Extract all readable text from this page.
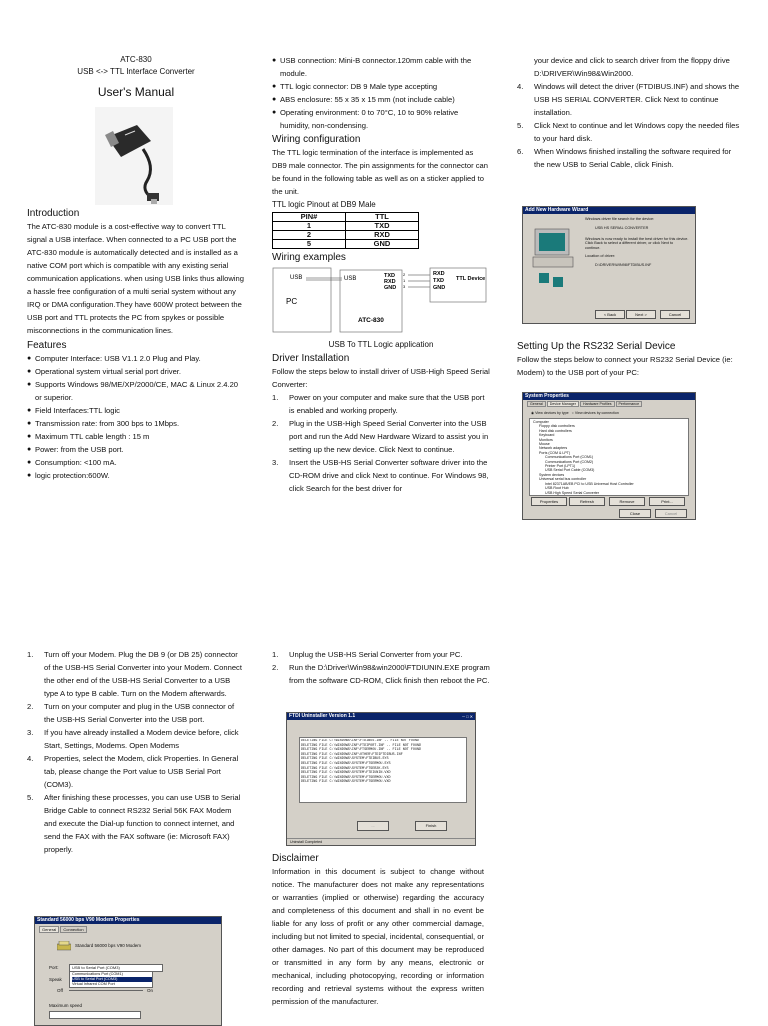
ATC-830
USB <-> TTL Interface Converter
User's Manual
Introduction

The ATC-830 module is a cost-effective way to convert TTL signal a USB interface. When connected to a PC USB port the ATC-830 module is automatically detected and is installed as a native COM port which is compatible with any existing serial communication applications. when using USB links thus allowing a hassle free configuration of a multi serial system without any IRQ or DMA configuration.They have 600W protect between the USB port and TTL protects the PC from spykes or possible misconnections in the communication lines.

Features
● Computer Interface: USB V1.1 2.0 Plug and Play.
● Operational system virtual serial port driver.
● Supports Windows 98/ME/XP/2000/CE, MAC & Linux 2.4.20 or superior.
● Field Interfaces:TTL logic
● Transmission rate: from 300 bps to 1Mbps.
● Maximum TTL cable length : 15 m
● Power: from the USB port.
● Consumption: <100 mA.
● logic protection:600W.
● USB connection: Mini-B connector.120mm cable with the module.
● TTL logic connector: DB 9 Male type accepting
● ABS enclosure: 55 x 35 x 15 mm (not include cable)
● Operating environment: 0 to 70°C, 10 to 90% relative humidity, non-condensing.
Wiring configuration

The TTL logic termination of the interface is implemented as DB9 male connector. The pin assignments for the connector can be found in the following table as well as on a sticker applied to the unit.

TTL logic Pinout at DB9 Male
PIN#	TTL
1	TXD
2	RXD
5	GND
Wiring examples
USB
PC
USB	TXD
RXD
GND
2
1
3
ATC-830
RXD
TXD
GND
TTL Device
USB To TTL Logic application
Driver Installation

Follow the steps below to install driver of USB-High Speed Serial Converter:

1. Power on your computer and make sure that the USB port is enabled and working properly.
2. Plug in the USB-High Speed Serial Converter into the USB port and run the Add New Hardware Wizard to assist you in setting up the new device. Click Next to continue.
3. Insert the USB-HS Serial Converter software driver into the CD-ROM drive and click Next to continue. For Windows 98, click Search for the best driver for

your device and click to search driver from the floppy drive D:\DRIVER\Win98&Win2000.

4. Windows will detect the driver (FTDIBUS.INF) and shows the USB HS SERIAL CONVERTER. Click Next to continue installation.
5. Click Next to continue and let Windows copy the needed files to your hard disk.
6. When Windows finished installing the software required for the new USB to Serial Cable, click Finish.
Add New Hardware Wizard
Windows driver file search for the device:
USB HS SERIAL CONVERTER
Windows is now ready to install the best driver for this device. Click Back to select a different driver, or click Next to continue.
Location of driver:
D:\DRIVER\WIN98\FTDIBUS.INF
< Back	Next >	Cancel
Setting Up the RS232 Serial Device

Follow the steps below to connect your RS232 Serial Device (ie: Modem) to the USB port of your PC:

System Properties
General Device Manager Hardware Profiles Performance
◉ View devices by type ○ View devices by connection
Computer
Floppy disk controllers
Hard disk controllers
Keyboard
Monitors
Mouse
Network adapters
Ports (COM & LPT)
Communications Port (COM1)
Communications Port (COM2)
Printer Port (LPT1)
USB Serial Port Cable (COM3)
System devices
Universal serial bus controller
Intel 82371AB/EB PCI to USB Universal Host Controller
USB Root Hub
USB High Speed Serial Converter
Properties	Refresh	Remove	Print...
Close	Cancel
1. Turn off your Modem. Plug the DB 9 (or DB 25) connector of the USB-HS Serial Converter into your Modem. Connect the other end of the USB-HS Serial Converter to a USB type A to type B cable. Turn on the Modem afterwards.
2. Turn on your computer and plug in the USB connector of the USB-HS Serial Converter into the USB port.
3. If you have already installed a Modem device before, click Start, Settings, Modems. Open Modems
4. Properties, select the Modem, click Properties. In General tab, please change the Port value to USB Serial Port (COM3).
5. After finishing these processes, you can use USB to Serial Bridge Cable to connect RS232 Serial 56K FAX Modem and execute the Dial-up function to connect internet, and send the FAX with the FAX software (ie: Microsoft FAX) properly.
Standard 56000 bps V90 Modem Properties
General Connection
Standard 56000 bps V90 Modem
Port:	USB to Serial Port (COM3)
Communications Port (COM1)
USB to Serial Port (COM3)
Virtual Infrared COM Port
Speak
Off	On
Maximum speed
1. Unplug the USB-HS Serial Converter from your PC.
2. Run the D:\Driver\Win98&win2000\FTDIUNIN.EXE program from the software CD-ROM, Click finish then reboot the PC.
FTDI Uninstaller Version 1.1	─ □ ✕
DELETING FILE C:\WINDOWS\INF\FTDIBUS.INF -- FILE NOT FOUND
DELETING FILE C:\WINDOWS\INF\FTDIPORT.INF -- FILE NOT FOUND
DELETING FILE C:\WINDOWS\INF\FTSERMOU.INF -- FILE NOT FOUND
DELETING FILE C:\WINDOWS\INF\OTHER\FTDIFTDIBUS.INF
DELETING FILE C:\WINDOWS\SYSTEM\FTDIBUS.SYS
DELETING FILE C:\WINDOWS\SYSTEM\FTSERMOU.SYS
DELETING FILE C:\WINDOWS\SYSTEM\FTSER2K.SYS
DELETING FILE C:\WINDOWS\SYSTEM\FTDIUNIN.VXD
DELETING FILE C:\WINDOWS\SYSTEM\FTSERMOU.VXD
DELETING FILE C:\WINDOWS\SYSTEM\FTSERMOU.VXD
...	Finish
Uninstall Completed
Disclaimer

Information in this document is subject to change without notice. The manufacturer does not make any representations or warranties (implied or otherwise) regarding the accuracy and completeness of this document and shall in no event be liable for any loss of profit or any other commercial damage, including but not limited to special, incidental, consequential, or other damages. No part of this document may be reproduced or transmitted in any form by any means, electronic or mechanical, including photocopying, recording or information recording and retrieval systems without the express written permission of the manufacturer.
